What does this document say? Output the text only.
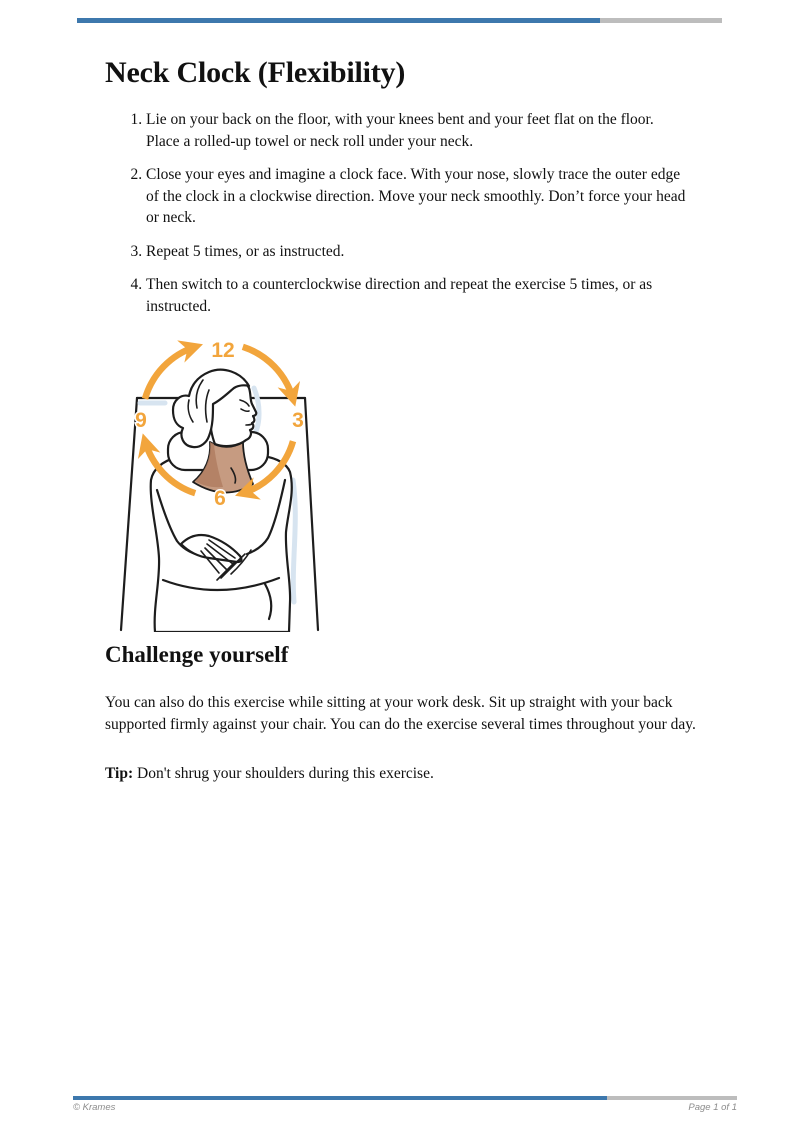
Neck Clock (Flexibility)
1. Lie on your back on the floor, with your knees bent and your feet flat on the floor. Place a rolled-up towel or neck roll under your neck.
2. Close your eyes and imagine a clock face. With your nose, slowly trace the outer edge of the clock in a clockwise direction. Move your neck smoothly. Don’t force your head or neck.
3. Repeat 5 times, or as instructed.
4. Then switch to a counterclockwise direction and repeat the exercise 5 times, or as instructed.
12
3
6
9
Challenge yourself

You can also do this exercise while sitting at your work desk. Sit up straight with your back supported firmly against your chair. You can do the exercise several times throughout your day.

Tip: Don't shrug your shoulders during this exercise.

© Krames	Page 1 of 1
